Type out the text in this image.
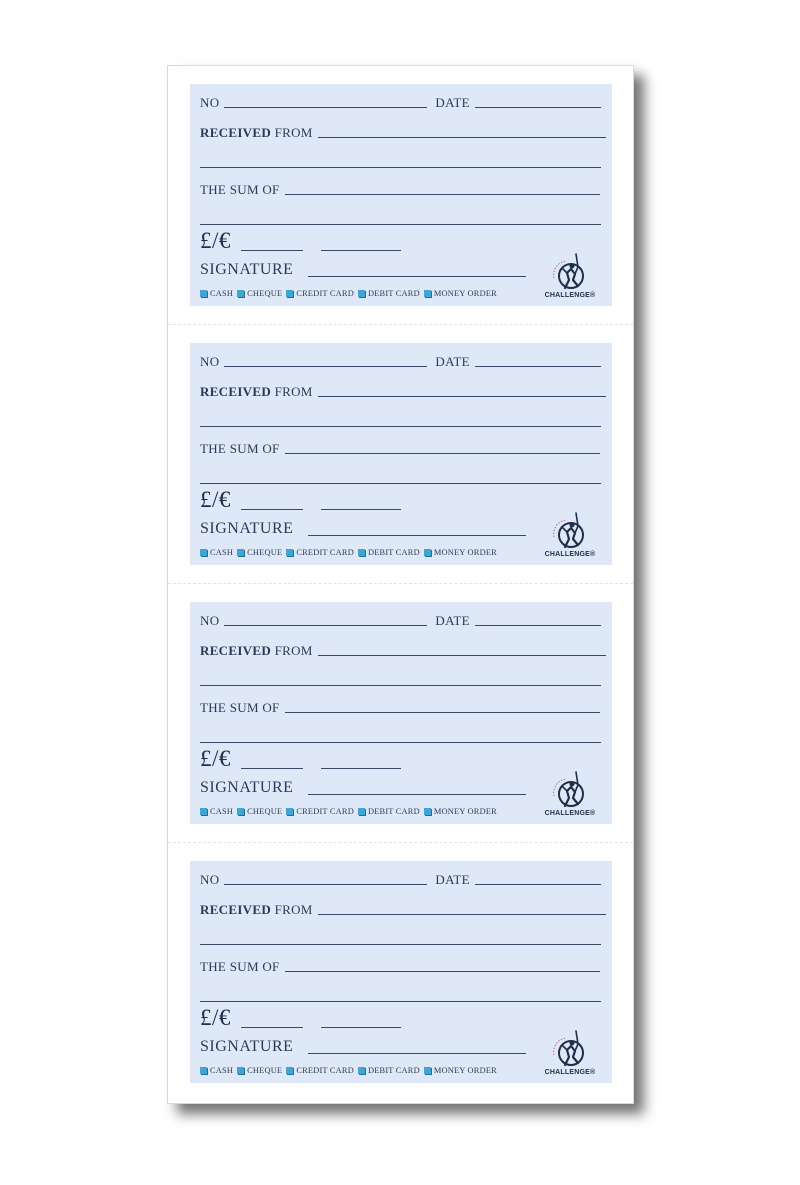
NO	DATE
RECEIVED FROM
THE SUM OF
£/€
SIGNATURE
CASH CHEQUE CREDIT CARD DEBIT CARD MONEY ORDER	CHALLENGE®
NO	DATE
RECEIVED FROM
THE SUM OF
£/€
SIGNATURE
CASH CHEQUE CREDIT CARD DEBIT CARD MONEY ORDER	CHALLENGE®
NO	DATE
RECEIVED FROM
THE SUM OF
£/€
SIGNATURE
CASH CHEQUE CREDIT CARD DEBIT CARD MONEY ORDER	CHALLENGE®
NO	DATE
RECEIVED FROM
THE SUM OF
£/€
SIGNATURE
CASH CHEQUE CREDIT CARD DEBIT CARD MONEY ORDER	CHALLENGE®
